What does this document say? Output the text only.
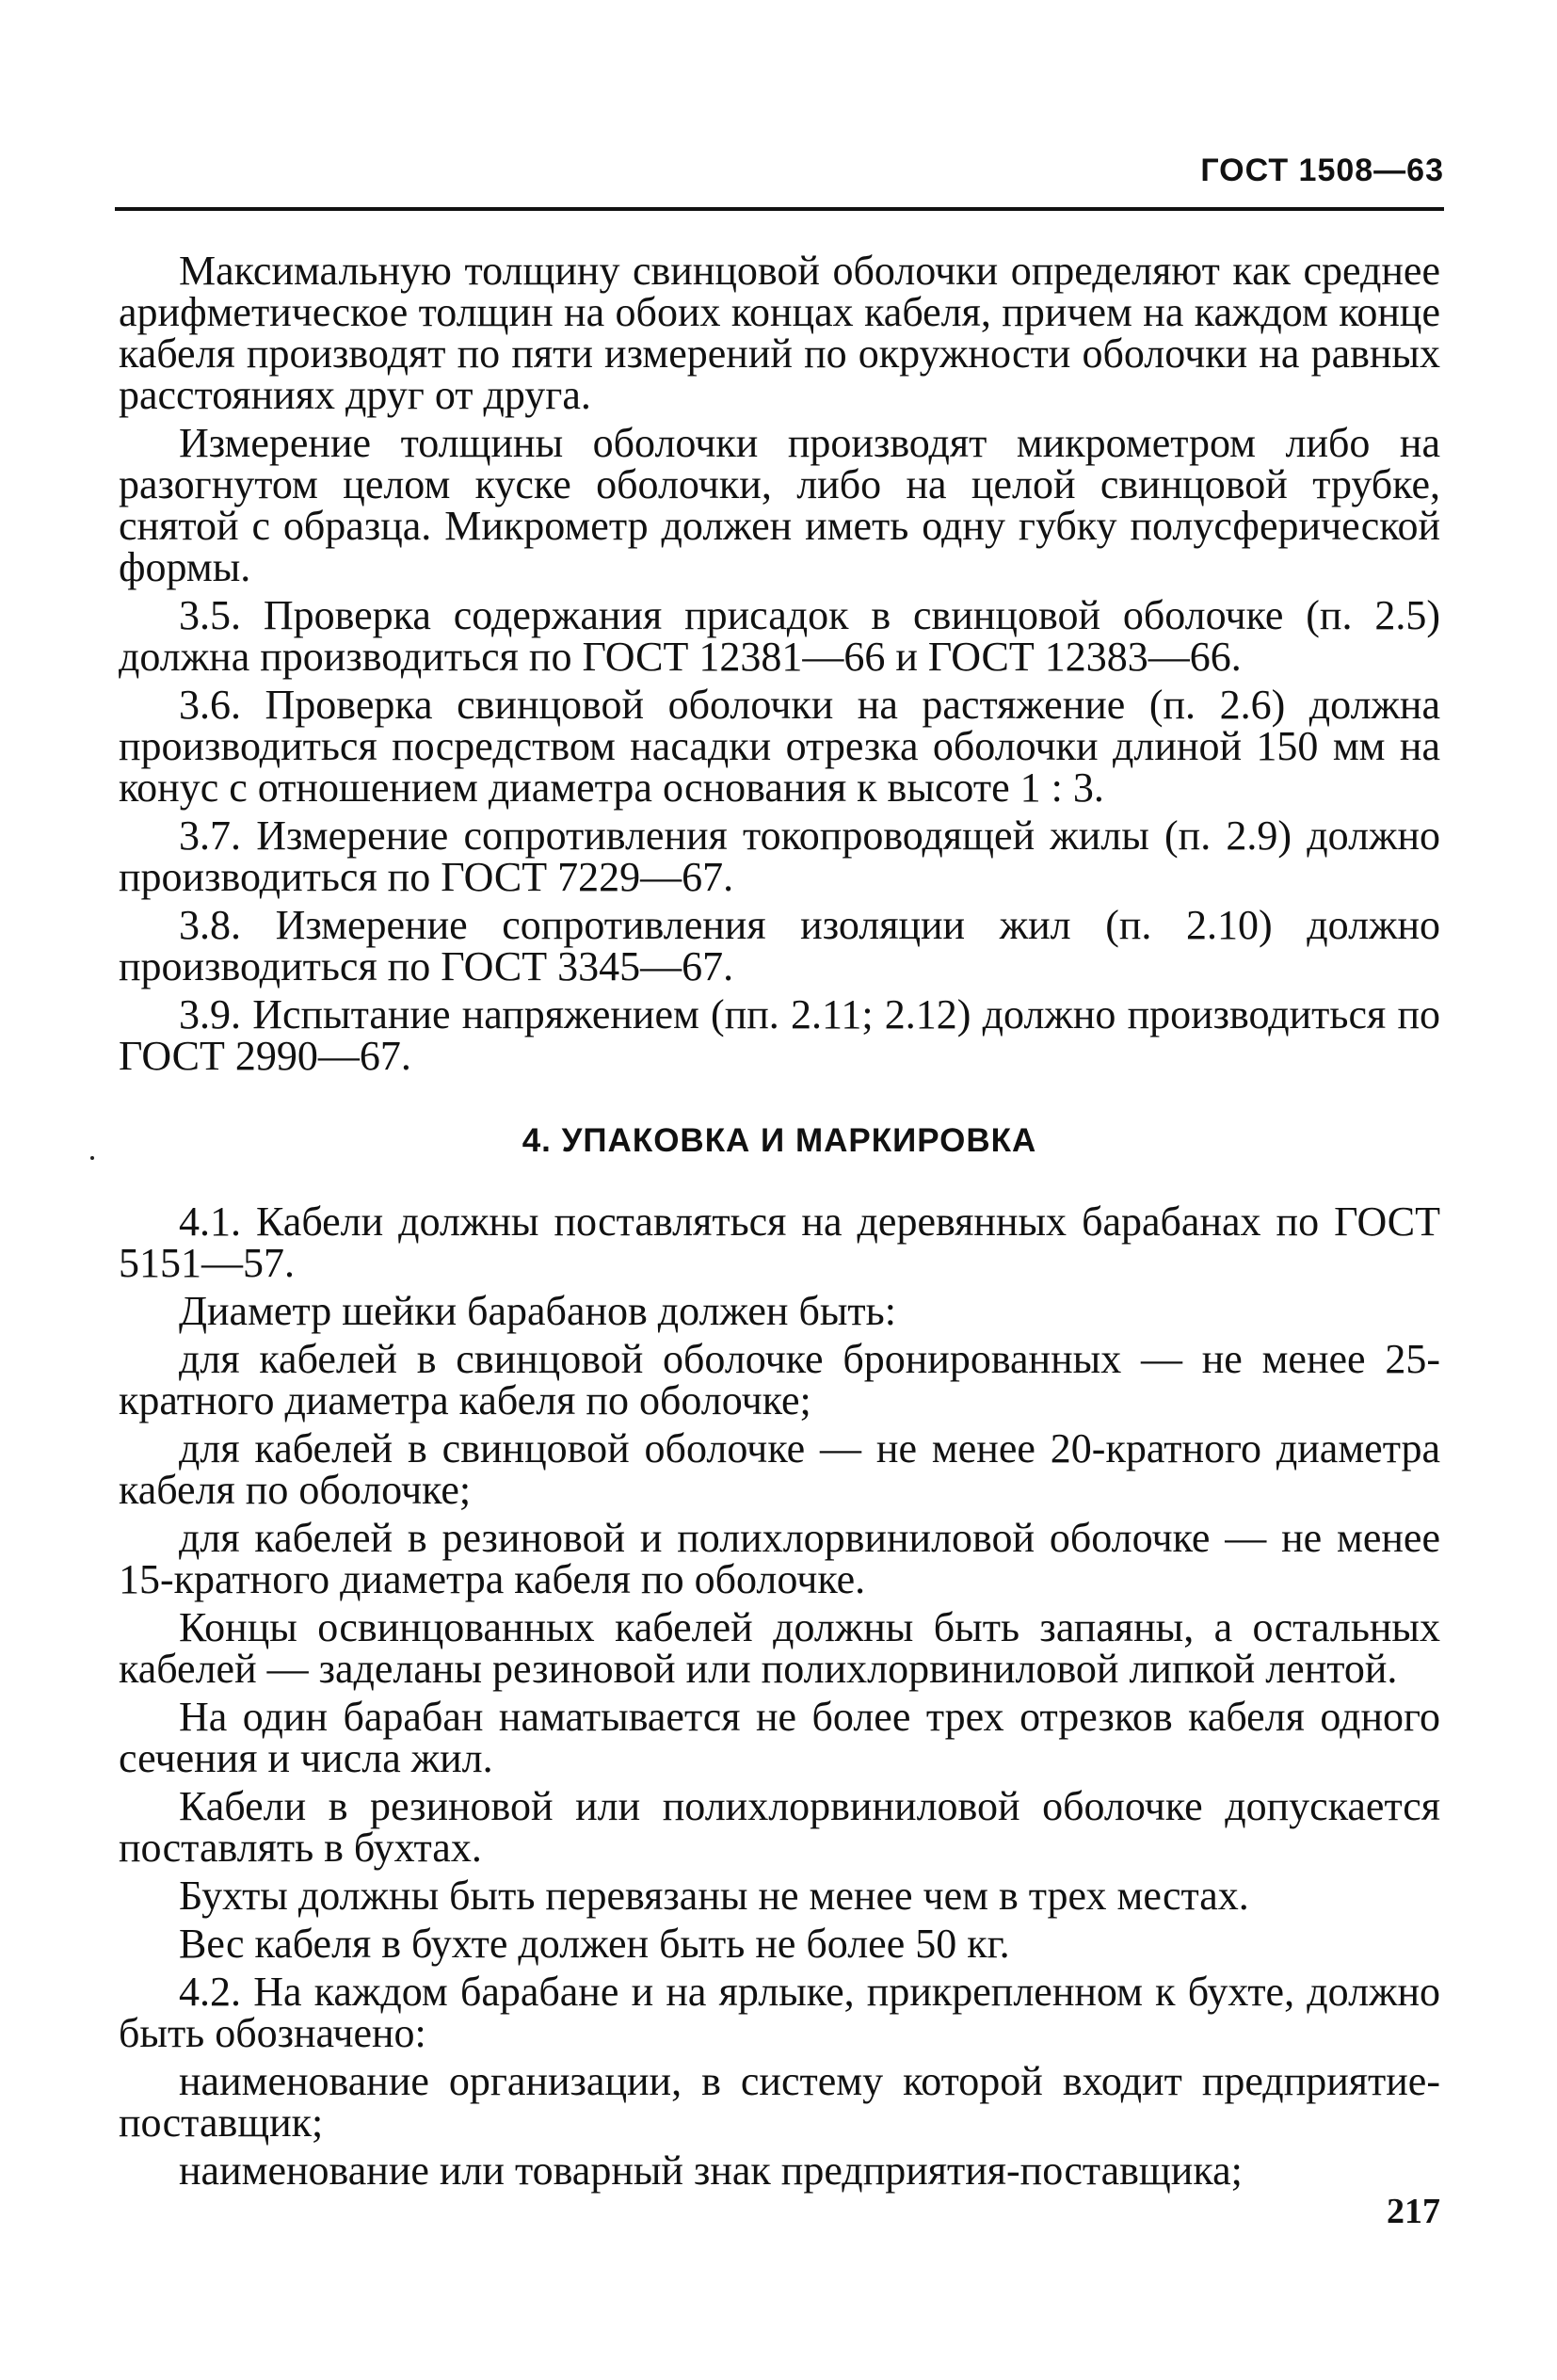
ГОСТ 1508—63

Максимальную толщину свинцовой оболочки определяют как среднее арифметическое толщин на обоих концах кабеля, причем на каждом конце кабеля производят по пяти измерений по окружности оболочки на равных расстояниях друг от друга.

Измерение толщины оболочки производят микрометром либо на разогнутом целом куске оболочки, либо на целой свинцовой трубке, снятой с образца. Микрометр должен иметь одну губку полусферической формы.

3.5. Проверка содержания присадок в свинцовой оболочке (п. 2.5) должна производиться по ГОСТ 12381—66 и ГОСТ 12383—66.

3.6. Проверка свинцовой оболочки на растяжение (п. 2.6) должна производиться посредством насадки отрезка оболочки длиной 150 мм на конус с отношением диаметра основания к высоте 1 : 3.

3.7. Измерение сопротивления токопроводящей жилы (п. 2.9) должно производиться по ГОСТ 7229—67.

3.8. Измерение сопротивления изоляции жил (п. 2.10) должно производиться по ГОСТ 3345—67.

3.9. Испытание напряжением (пп. 2.11; 2.12) должно производиться по ГОСТ 2990—67.

4. УПАКОВКА И МАРКИРОВКА

4.1. Кабели должны поставляться на деревянных барабанах по ГОСТ 5151—57.

Диаметр шейки барабанов должен быть:

для кабелей в свинцовой оболочке бронированных — не менее 25-кратного диаметра кабеля по оболочке;

для кабелей в свинцовой оболочке — не менее 20-кратного диаметра кабеля по оболочке;

для кабелей в резиновой и полихлорвиниловой оболочке — не менее 15-кратного диаметра кабеля по оболочке.

Концы освинцованных кабелей должны быть запаяны, а остальных кабелей — заделаны резиновой или полихлорвиниловой липкой лентой.

На один барабан наматывается не более трех отрезков кабеля одного сечения и числа жил.

Кабели в резиновой или полихлорвиниловой оболочке допускается поставлять в бухтах.

Бухты должны быть перевязаны не менее чем в трех местах.

Вес кабеля в бухте должен быть не более 50 кг.

4.2. На каждом барабане и на ярлыке, прикрепленном к бухте, должно быть обозначено:

наименование организации, в систему которой входит предприятие-поставщик;

наименование или товарный знак предприятия-поставщика;

217
